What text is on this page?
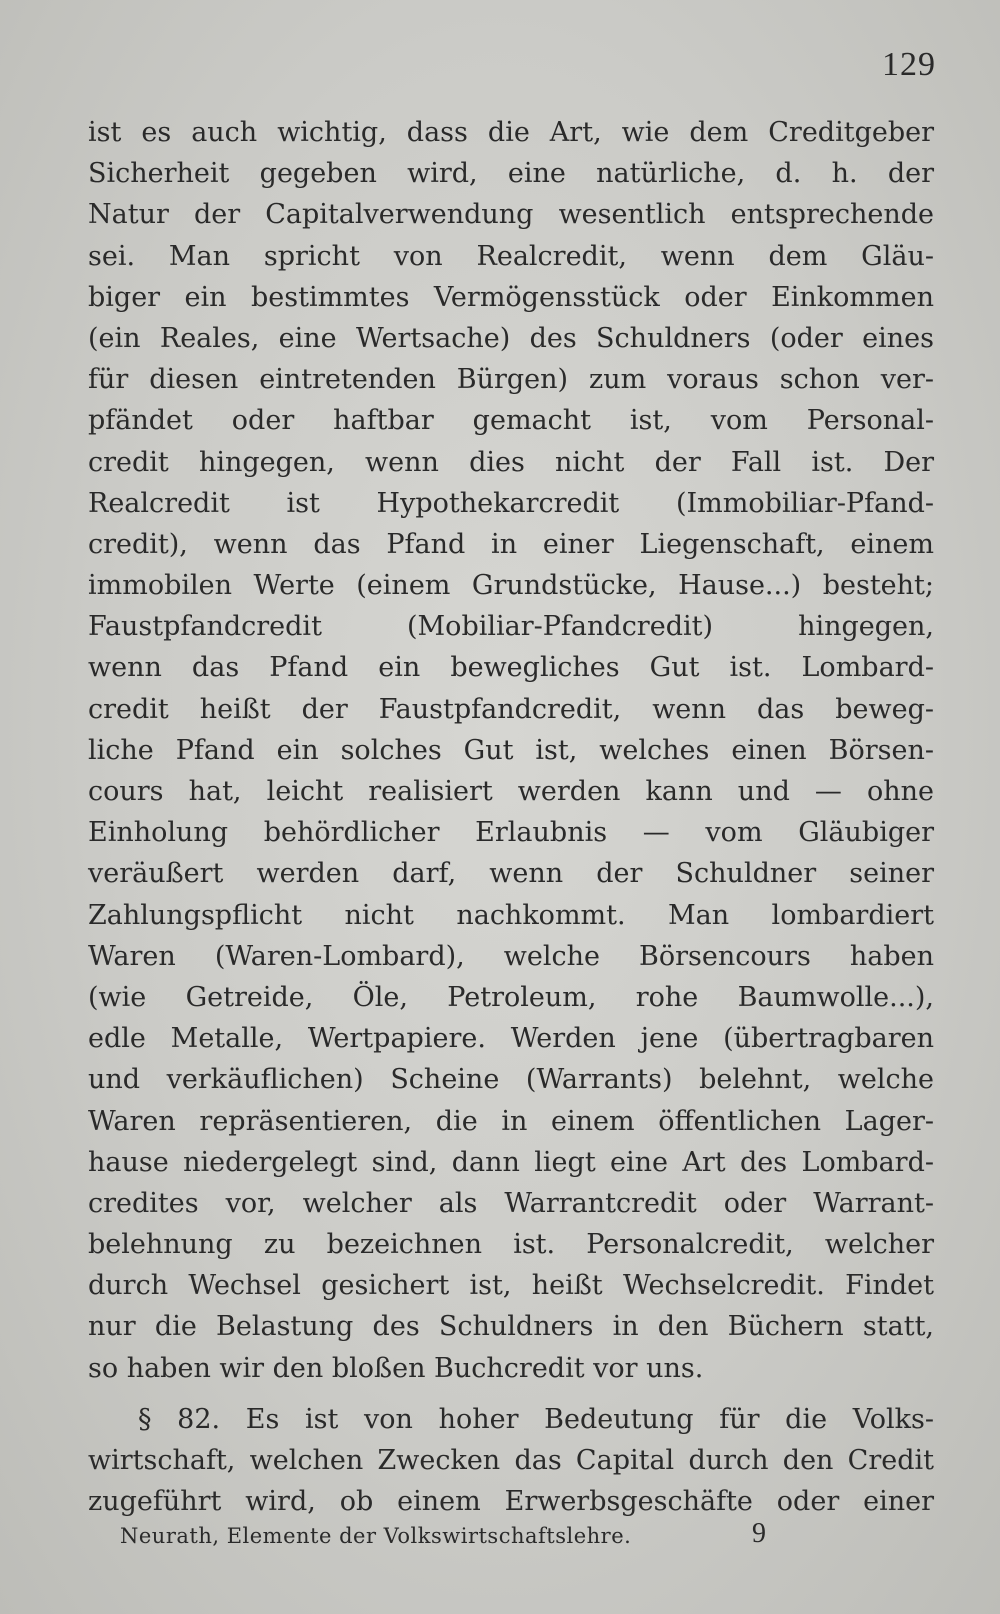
129
ist es auch wichtig, dass die Art, wie dem Creditgeber
Sicherheit gegeben wird, eine natürliche, d. h. der
Natur der Capitalverwendung wesentlich entsprechende
sei. Man spricht von Realcredit, wenn dem Gläu-
biger ein bestimmtes Vermögensstück oder Einkommen
(ein Reales, eine Wertsache) des Schuldners (oder eines
für diesen eintretenden Bürgen) zum voraus schon ver-
pfändet oder haftbar gemacht ist, vom Personal-
credit hingegen, wenn dies nicht der Fall ist. Der
Realcredit ist Hypothekarcredit (Immobiliar-Pfand-
credit), wenn das Pfand in einer Liegenschaft, einem
immobilen Werte (einem Grundstücke, Hause...) besteht;
Faustpfandcredit (Mobiliar-Pfandcredit) hingegen,
wenn das Pfand ein bewegliches Gut ist. Lombard-
credit heißt der Faustpfandcredit, wenn das beweg-
liche Pfand ein solches Gut ist, welches einen Börsen-
cours hat, leicht realisiert werden kann und — ohne
Einholung behördlicher Erlaubnis — vom Gläubiger
veräußert werden darf, wenn der Schuldner seiner
Zahlungspflicht nicht nachkommt. Man lombardiert
Waren (Waren-Lombard), welche Börsencours haben
(wie Getreide, Öle, Petroleum, rohe Baumwolle...),
edle Metalle, Wertpapiere. Werden jene (übertragbaren
und verkäuflichen) Scheine (Warrants) belehnt, welche
Waren repräsentieren, die in einem öffentlichen Lager-
hause niedergelegt sind, dann liegt eine Art des Lombard-
credites vor, welcher als Warrantcredit oder Warrant-
belehnung zu bezeichnen ist. Personalcredit, welcher
durch Wechsel gesichert ist, heißt Wechselcredit. Findet
nur die Belastung des Schuldners in den Büchern statt,
so haben wir den bloßen Buchcredit vor uns.
§ 82. Es ist von hoher Bedeutung für die Volks-
wirtschaft, welchen Zwecken das Capital durch den Credit
zugeführt wird, ob einem Erwerbsgeschäfte oder einer
Neurath, Elemente der Volkswirtschaftslehre.	9
